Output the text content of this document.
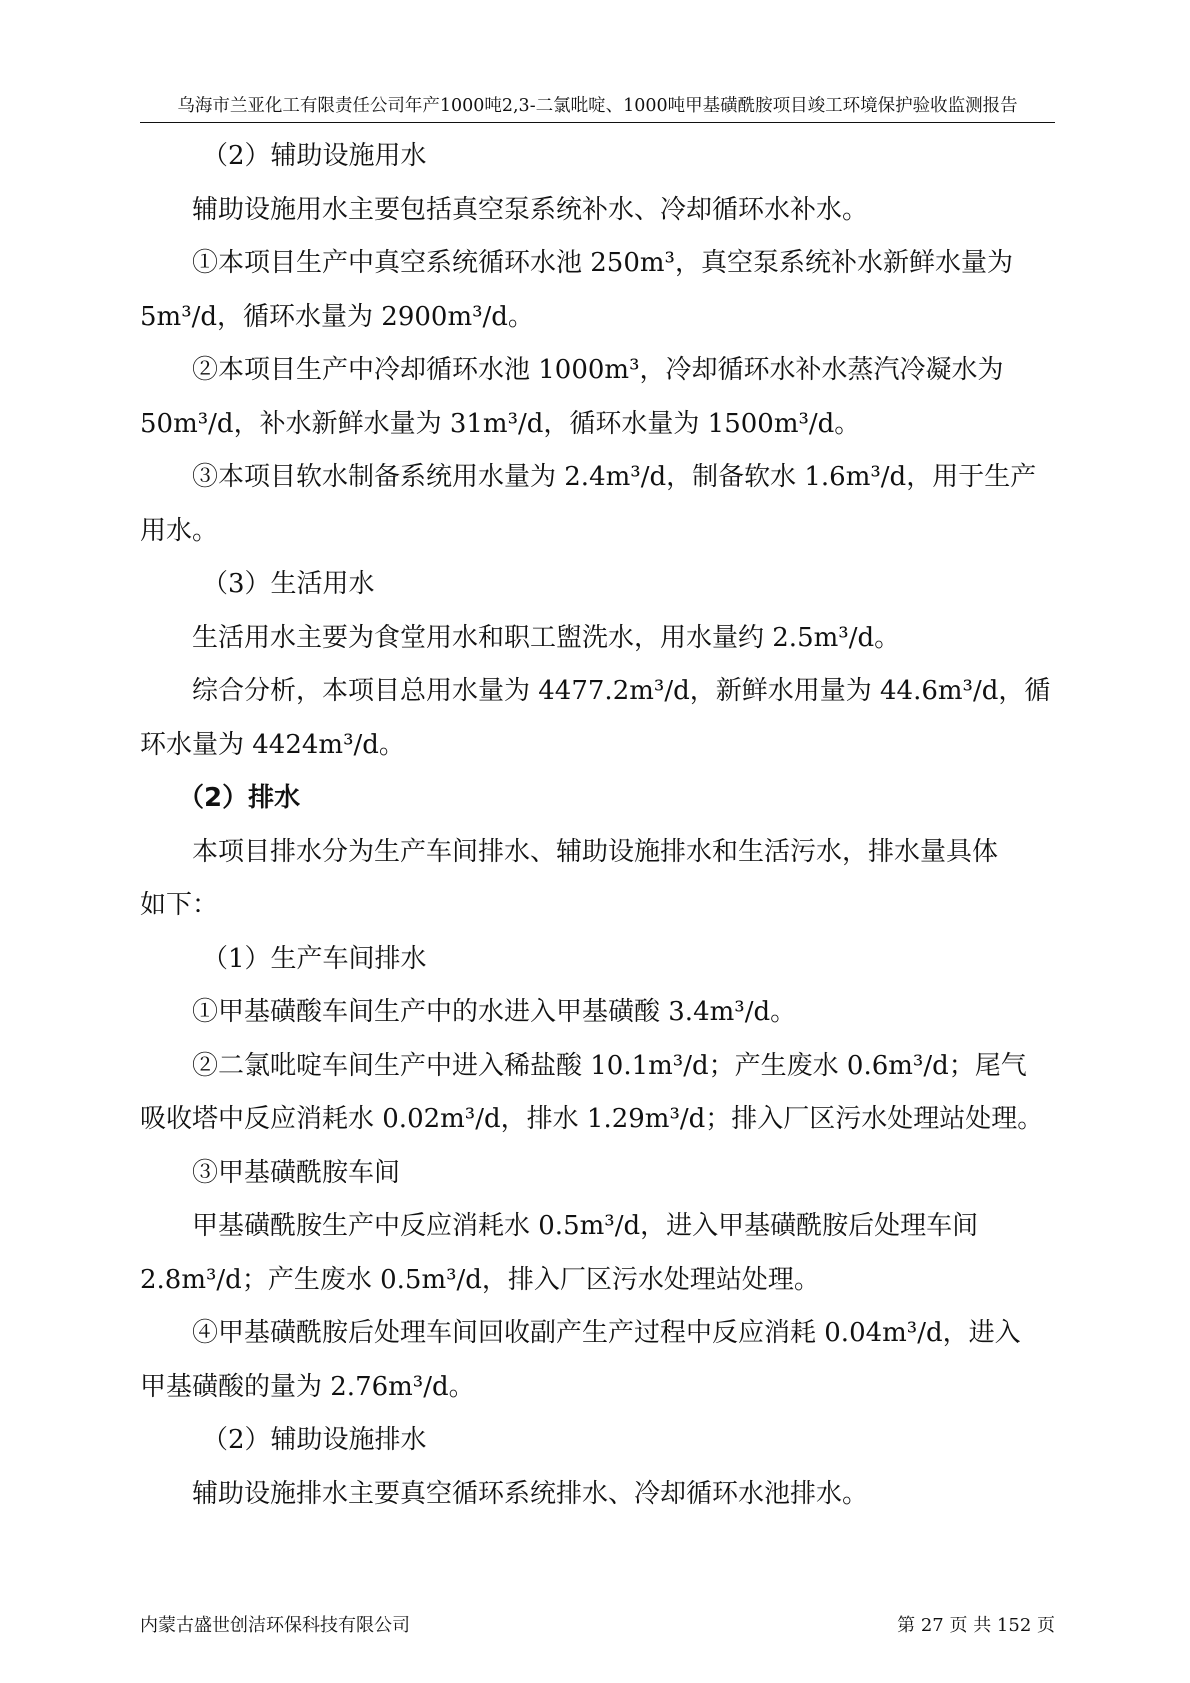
乌海市兰亚化工有限责任公司年产1000吨2,3-二氯吡啶、1000吨甲基磺酰胺项目竣工环境保护验收监测报告
（2）辅助设施用水
辅助设施用水主要包括真空泵系统补水、冷却循环水补水。
①本项目生产中真空系统循环水池 250m³，真空泵系统补水新鲜水量为
5m³/d，循环水量为 2900m³/d。
②本项目生产中冷却循环水池 1000m³，冷却循环水补水蒸汽冷凝水为
50m³/d，补水新鲜水量为 31m³/d，循环水量为 1500m³/d。
③本项目软水制备系统用水量为 2.4m³/d，制备软水 1.6m³/d，用于生产
用水。
（3）生活用水
生活用水主要为食堂用水和职工盥洗水，用水量约 2.5m³/d。
综合分析，本项目总用水量为 4477.2m³/d，新鲜水用量为 44.6m³/d，循
环水量为 4424m³/d。
（2）排水
本项目排水分为生产车间排水、辅助设施排水和生活污水，排水量具体
如下：
（1）生产车间排水
①甲基磺酸车间生产中的水进入甲基磺酸 3.4m³/d。
②二氯吡啶车间生产中进入稀盐酸 10.1m³/d；产生废水 0.6m³/d；尾气
吸收塔中反应消耗水 0.02m³/d，排水 1.29m³/d；排入厂区污水处理站处理。
③甲基磺酰胺车间
甲基磺酰胺生产中反应消耗水 0.5m³/d，进入甲基磺酰胺后处理车间
2.8m³/d；产生废水 0.5m³/d，排入厂区污水处理站处理。
④甲基磺酰胺后处理车间回收副产生产过程中反应消耗 0.04m³/d，进入
甲基磺酸的量为 2.76m³/d。
（2）辅助设施排水
辅助设施排水主要真空循环系统排水、冷却循环水池排水。
内蒙古盛世创洁环保科技有限公司	第 27 页 共 152 页
